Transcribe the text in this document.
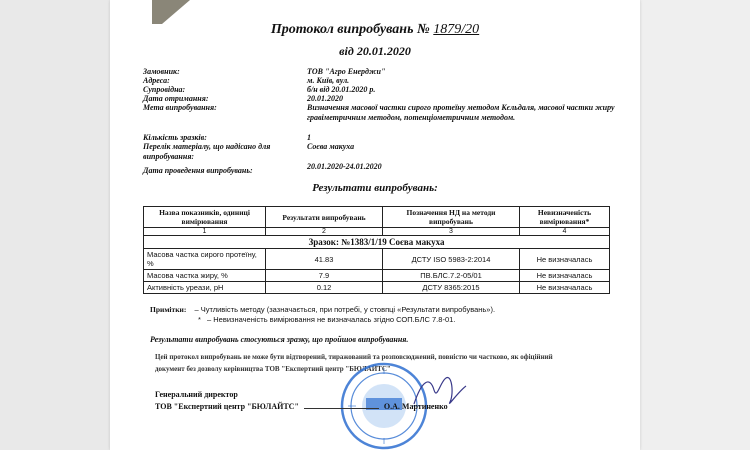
Протокол випробувань № 1879/20
від 20.01.2020
Замовник:	ТОВ "Агро Енерджи"
Адреса:	м. Київ, вул.
Супровідна:	б/н від 20.01.2020 р.
Дата отримання:	20.01.2020
Мета випробування:	Визначення масової частки сирого протеїну методом Кєльдаля, масової частки жиру гравіметричним методом, потенціометричним методом.
Кількість зразків:	1
Перелік матеріалу, що надісано для випробування:
Соєва макуха
Дата проведення випробувань:	20.01.2020-24.01.2020
Результати випробувань:
Назва показників, одиниці вимірювання	Результати випробувань	Позначення НД на методи випробувань	Невизначеність вимірювання*
1	2	3	4
Зразок: №1383/1/19 Соєва макуха			
Масова частка сирого протеїну, %	41.83	ДСТУ ISO 5983-2:2014	Не визначалась
Масова частка жиру, %	7.9	ПВ.БЛС.7.2-05/01	Не визначалась
Активність уреази, pH	0.12	ДСТУ 8365:2015	Не визначалась
Примітки: – Чутливість методу (зазначається, при потребі, у стовпці «Результати випробувань»).
* – Невизначеність вимірювання не визначалась згідно СОП.БЛС 7.8-01.
Результати випробувань стосуються зразку, що пройшов випробування.
Цей протокол випробувань не може бути відтворений, тиражований та розповсюджений, повністю чи частково, як офіційний документ без дозволу керівництва ТОВ "Експертний центр "БЮЛАЙТС"
Генеральний директор
ТОВ "Експертний центр "БЮЛАЙТС"	О.А. Мартиненко
